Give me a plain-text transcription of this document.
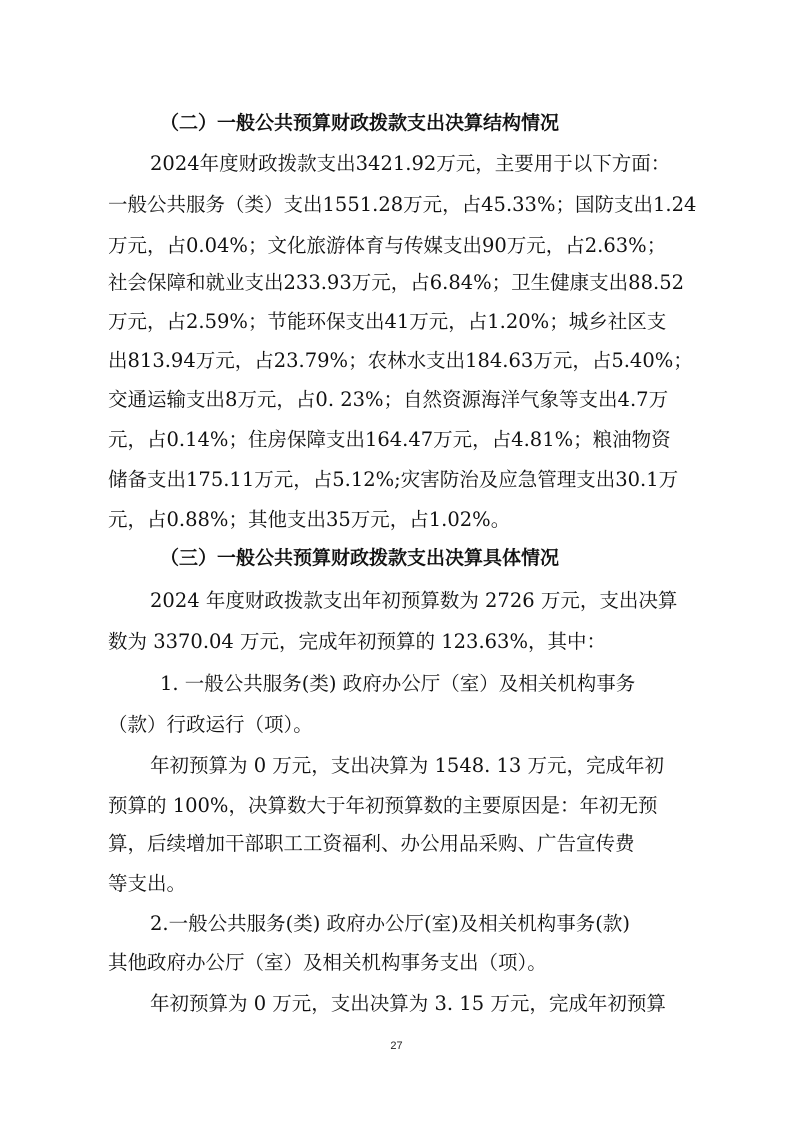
（二）一般公共预算财政拨款支出决算结构情况
2024年度财政拨款支出3421.92万元，主要用于以下方面：
一般公共服务（类）支出1551.28万元，占45.33%；国防支出1.24
万元，占0.04%；文化旅游体育与传媒支出90万元，占2.63%；
社会保障和就业支出233.93万元，占6.84%；卫生健康支出88.52
万元，占2.59%；节能环保支出41万元，占1.20%；城乡社区支
出813.94万元，占23.79%；农林水支出184.63万元，占5.40%；
交通运输支出8万元，占0. 23%；自然资源海洋气象等支出4.7万
元，占0.14%；住房保障支出164.47万元，占4.81%；粮油物资
储备支出175.11万元，占5.12%;灾害防治及应急管理支出30.1万
元，占0.88%；其他支出35万元，占1.02%。
（三）一般公共预算财政拨款支出决算具体情况
2024 年度财政拨款支出年初预算数为 2726 万元，支出决算
数为 3370.04 万元，完成年初预算的 123.63%，其中：
1. 一般公共服务(类) 政府办公厅（室）及相关机构事务
（款）行政运行（项）。
年初预算为 0 万元，支出决算为 1548. 13 万元，完成年初
预算的 100%，决算数大于年初预算数的主要原因是：年初无预
算，后续增加干部职工工资福利、办公用品采购、广告宣传费
等支出。
2.一般公共服务(类) 政府办公厅(室)及相关机构事务(款)
其他政府办公厅（室）及相关机构事务支出（项）。
年初预算为 0 万元，支出决算为 3. 15 万元，完成年初预算
27
